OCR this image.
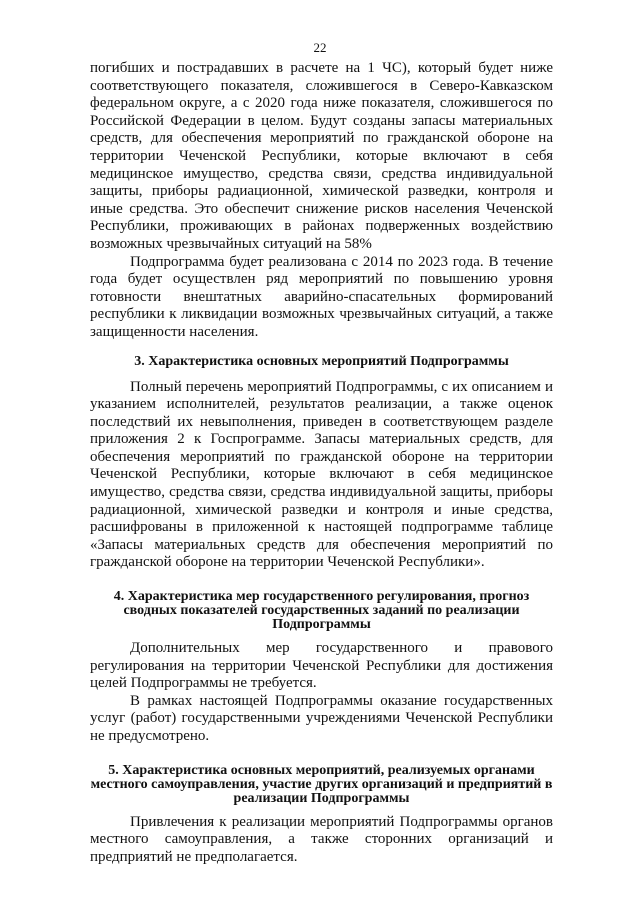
22

погибших и пострадавших в расчете на 1 ЧС), который будет ниже соответствующего показателя, сложившегося в Северо-Кавказском федеральном округе, а с 2020 года ниже показателя, сложившегося по Российской Федерации в целом. Будут созданы запасы материальных средств, для обеспечения мероприятий по гражданской обороне на территории Чеченской Республики, которые включают в себя медицинское имущество, средства связи, средства индивидуальной защиты, приборы радиационной, химической разведки, контроля и иные средства. Это обеспечит снижение рисков населения Чеченской Республики, проживающих в районах подверженных воздействию возможных чрезвычайных ситуаций на 58%

Подпрограмма будет реализована с 2014 по 2023 года. В течение года будет осуществлен ряд мероприятий по повышению уровня готовности внештатных аварийно-спасательных формирований республики к ликвидации возможных чрезвычайных ситуаций, а также защищенности населения.

3. Характеристика основных мероприятий Подпрограммы

Полный перечень мероприятий Подпрограммы, с их описанием и указанием исполнителей, результатов реализации, а также оценок последствий их невыполнения, приведен в соответствующем разделе приложения 2 к Госпрограмме. Запасы материальных средств, для обеспечения мероприятий по гражданской обороне на территории Чеченской Республики, которые включают в себя медицинское имущество, средства связи, средства индивидуальной защиты, приборы радиационной, химической разведки и контроля и иные средства, расшифрованы в приложенной к настоящей подпрограмме таблице «Запасы материальных средств для обеспечения мероприятий по гражданской обороне на территории Чеченской Республики».

4. Характеристика мер государственного регулирования, прогноз
сводных показателей государственных заданий по реализации
Подпрограммы

Дополнительных мер государственного и правового регулирования на территории Чеченской Республики для достижения целей Подпрограммы не требуется.

В рамках настоящей Подпрограммы оказание государственных услуг (работ) государственными учреждениями Чеченской Республики не предусмотрено.

5. Характеристика основных мероприятий, реализуемых органами
местного самоуправления, участие других организаций и предприятий в
реализации Подпрограммы

Привлечения к реализации мероприятий Подпрограммы органов местного самоуправления, а также сторонних организаций и предприятий не предполагается.
